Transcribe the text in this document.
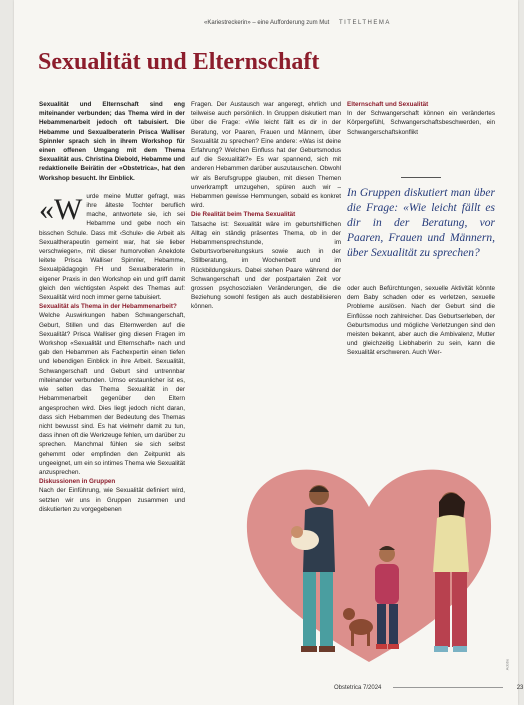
«Kariestreckerin» – eine Aufforderung zum Mut TITELTHEMA
Sexualität und Elternschaft

Sexualität und Elternschaft sind eng miteinander verbunden; das Thema wird in der Hebammenarbeit jedoch oft tabuisiert. Die Hebamme und Sexualberaterin Prisca Walliser Spinnler sprach sich in ihrem Workshop für einen offenen Umgang mit dem Thema Sexualität aus. Christina Diebold, Hebamme und redaktionelle Beirätin der «Obstetrica», hat den Workshop besucht. Ihr Einblick.

«W urde meine Mutter gefragt, was ihre älteste Tochter beruflich mache, antwortete sie, ich sei Hebamme und gebe noch ein bisschen Schule. Dass mit ‹Schule› die Arbeit als Sexualtherapeutin gemeint war, hat sie lieber verschwiegen», mit dieser humorvollen Anekdote leitete Prisca Walliser Spinnler, Hebamme, Sexualpädagogin FH und Sexualberaterin in eigener Praxis in den Workshop ein und griff damit gleich den wichtigsten Aspekt des Themas auf: Sexualität wird noch immer gerne tabuisiert.

Sexualität als Thema in der Hebammenarbeit?

Welche Auswirkungen haben Schwangerschaft, Geburt, Stillen und das Elternwerden auf die Sexualität? Prisca Walliser ging diesen Fragen im Workshop «Sexualität und Elternschaft» nach und gab den Hebammen als Fachexpertin einen tiefen und lebendigen Einblick in ihre Arbeit. Sexualität, Schwangerschaft und Geburt sind untrennbar miteinander verbunden. Umso erstaunlicher ist es, wie selten das Thema Sexualität in der Hebammenarbeit gegenüber den Eltern angesprochen wird. Dies liegt jedoch nicht daran, dass sich Hebammen der Bedeutung des Themas nicht bewusst sind. Es hat vielmehr damit zu tun, dass ihnen oft die Werkzeuge fehlen, um darüber zu sprechen. Manchmal fühlen sie sich selbst gehemmt oder empfinden den Zeitpunkt als ungeeignet, um ein so intimes Thema wie Sexualität anzusprechen.

Diskussionen in Gruppen

Nach der Einführung, wie Sexualität definiert wird, setzten wir uns in Gruppen zusammen und diskutierten zu vorgegebenen

Fragen. Der Austausch war angeregt, ehrlich und teilweise auch persönlich. In Gruppen diskutiert man über die Frage: «Wie leicht fällt es dir in der Beratung, vor Paaren, Frauen und Männern, über Sexualität zu sprechen? Eine andere: «Was ist deine Erfahrung? Welchen Einfluss hat der Geburtsmodus auf die Sexualität?» Es war spannend, sich mit anderen Hebammen darüber auszutauschen. Obwohl wir als Berufsgruppe glauben, mit diesen Themen unverkrampft umzugehen, spüren auch wir – Hebammen gewisse Hemmungen, sobald es konkret wird.

Die Realität beim Thema Sexualität

Tatsache ist: Sexualität wäre im geburtshilflichen Alltag ein ständig präsentes Thema, ob in der Hebammensprechstunde, im Geburtsvorbereitungskurs sowie auch in der Stillberatung, im Wochenbett und im Rückbildungskurs. Dabei stehen Paare während der Schwangerschaft und der postpartalen Zeit vor grossen psychosozialen Veränderungen, die die Beziehung sowohl festigen als auch destabilisieren können.

Elternschaft und Sexualität

In der Schwangerschaft können ein verändertes Körpergefühl, Schwangerschaftsbeschwerden, ein Schwangerschaftskonflikt

In Gruppen diskutiert man über die Frage: «Wie leicht fällt es dir in der Beratung, vor Paaren, Frauen und Männern, über Sexualität zu sprechen?

oder auch Befürchtungen, sexuelle Aktivität könnte dem Baby schaden oder es verletzen, sexuelle Probleme auslösen. Nach der Geburt sind die Einflüsse noch zahlreicher. Das Geburtserleben, der Geburtsmodus und mögliche Verletzungen sind den meisten bekannt, aber auch die Ambivalenz, Mutter und gleichzeitig Liebhaberin zu sein, kann die Sexualität erschweren. Auch Wer-

Adobe
Obstetrica 7/2024	23
